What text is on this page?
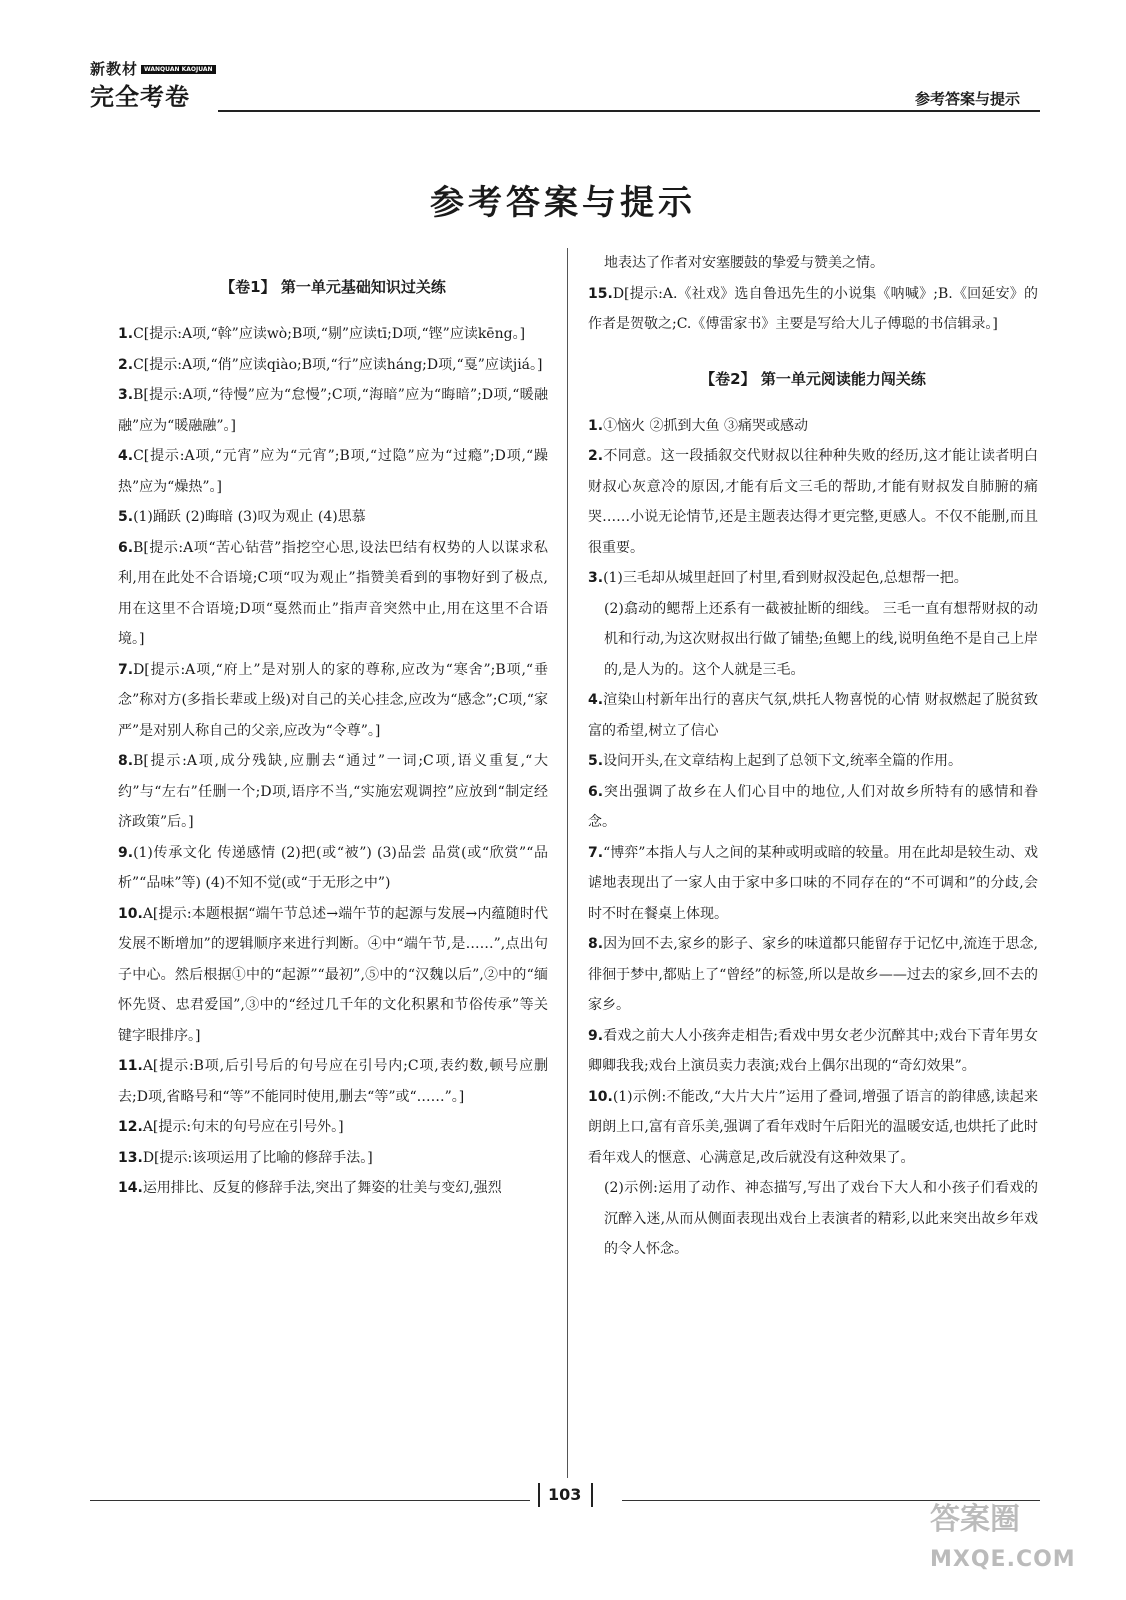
新教材 WANQUAN KAOJUAN
完全考卷	参考答案与提示
参考答案与提示
【卷1】 第一单元基础知识过关练
1.C[提示:A项,“斡”应读wò;B项,“剔”应读tī;D项,“铿”应读kēng。]
2.C[提示:A项,“俏”应读qiào;B项,“行”应读háng;D项,“戛”应读jiá。]
3.B[提示:A项,“待慢”应为“怠慢”;C项,“海暗”应为“晦暗”;D项,“暖融融”应为“暖融融”。]
4.C[提示:A项,“元宵”应为“元宵”;B项,“过隐”应为“过瘾”;D项,“躁热”应为“燥热”。]
5.(1)踊跃 (2)晦暗 (3)叹为观止 (4)思慕
6.B[提示:A项“苦心钻营”指挖空心思,设法巴结有权势的人以谋求私利,用在此处不合语境;C项“叹为观止”指赞美看到的事物好到了极点,用在这里不合语境;D项“戛然而止”指声音突然中止,用在这里不合语境。]
7.D[提示:A项,“府上”是对别人的家的尊称,应改为“寒舍”;B项,“垂念”称对方(多指长辈或上级)对自己的关心挂念,应改为“感念”;C项,“家严”是对别人称自己的父亲,应改为“令尊”。]
8.B[提示:A项,成分残缺,应删去“通过”一词;C项,语义重复,“大约”与“左右”任删一个;D项,语序不当,“实施宏观调控”应放到“制定经济政策”后。]
9.(1)传承文化 传递感情 (2)把(或“被”) (3)品尝 品赏(或“欣赏”“品析”“品味”等) (4)不知不觉(或“于无形之中”)
10.A[提示:本题根据“端午节总述→端午节的起源与发展→内蕴随时代发展不断增加”的逻辑顺序来进行判断。④中“端午节,是……”,点出句子中心。然后根据①中的“起源”“最初”,⑤中的“汉魏以后”,②中的“缅怀先贤、忠君爱国”,③中的“经过几千年的文化积累和节俗传承”等关键字眼排序。]
11.A[提示:B项,后引号后的句号应在引号内;C项,表约数,顿号应删去;D项,省略号和“等”不能同时使用,删去“等”或“……”。]
12.A[提示:句末的句号应在引号外。]
13.D[提示:该项运用了比喻的修辞手法。]
14.运用排比、反复的修辞手法,突出了舞姿的壮美与变幻,强烈
地表达了作者对安塞腰鼓的挚爱与赞美之情。
15.D[提示:A.《社戏》选自鲁迅先生的小说集《呐喊》;B.《回延安》的作者是贺敬之;C.《傅雷家书》主要是写给大儿子傅聪的书信辑录。]
【卷2】 第一单元阅读能力闯关练
1.①恼火 ②抓到大鱼 ③痛哭或感动
2.不同意。这一段插叙交代财叔以往种种失败的经历,这才能让读者明白财叔心灰意冷的原因,才能有后文三毛的帮助,才能有财叔发自肺腑的痛哭……小说无论情节,还是主题表达得才更完整,更感人。不仅不能删,而且很重要。
3.(1)三毛却从城里赶回了村里,看到财叔没起色,总想帮一把。
(2)翕动的鳃帮上还系有一截被扯断的细线。 三毛一直有想帮财叔的动机和行动,为这次财叔出行做了铺垫;鱼鳃上的线,说明鱼绝不是自己上岸的,是人为的。这个人就是三毛。
4.渲染山村新年出行的喜庆气氛,烘托人物喜悦的心情 财叔燃起了脱贫致富的希望,树立了信心
5.设问开头,在文章结构上起到了总领下文,统率全篇的作用。
6.突出强调了故乡在人们心目中的地位,人们对故乡所特有的感情和眷念。
7.“博弈”本指人与人之间的某种或明或暗的较量。用在此却是较生动、戏谑地表现出了一家人由于家中多口味的不同存在的“不可调和”的分歧,会时不时在餐桌上体现。
8.因为回不去,家乡的影子、家乡的味道都只能留存于记忆中,流连于思念,徘徊于梦中,都贴上了“曾经”的标签,所以是故乡——过去的家乡,回不去的家乡。
9.看戏之前大人小孩奔走相告;看戏中男女老少沉醉其中;戏台下青年男女卿卿我我;戏台上演员卖力表演;戏台上偶尔出现的“奇幻效果”。
10.(1)示例:不能改,“大片大片”运用了叠词,增强了语言的韵律感,读起来朗朗上口,富有音乐美,强调了看年戏时午后阳光的温暖安适,也烘托了此时看年戏人的惬意、心满意足,改后就没有这种效果了。
(2)示例:运用了动作、神态描写,写出了戏台下大人和小孩子们看戏的沉醉入迷,从而从侧面表现出戏台上表演者的精彩,以此来突出故乡年戏的令人怀念。
103
答案圈
MXQE.COM
